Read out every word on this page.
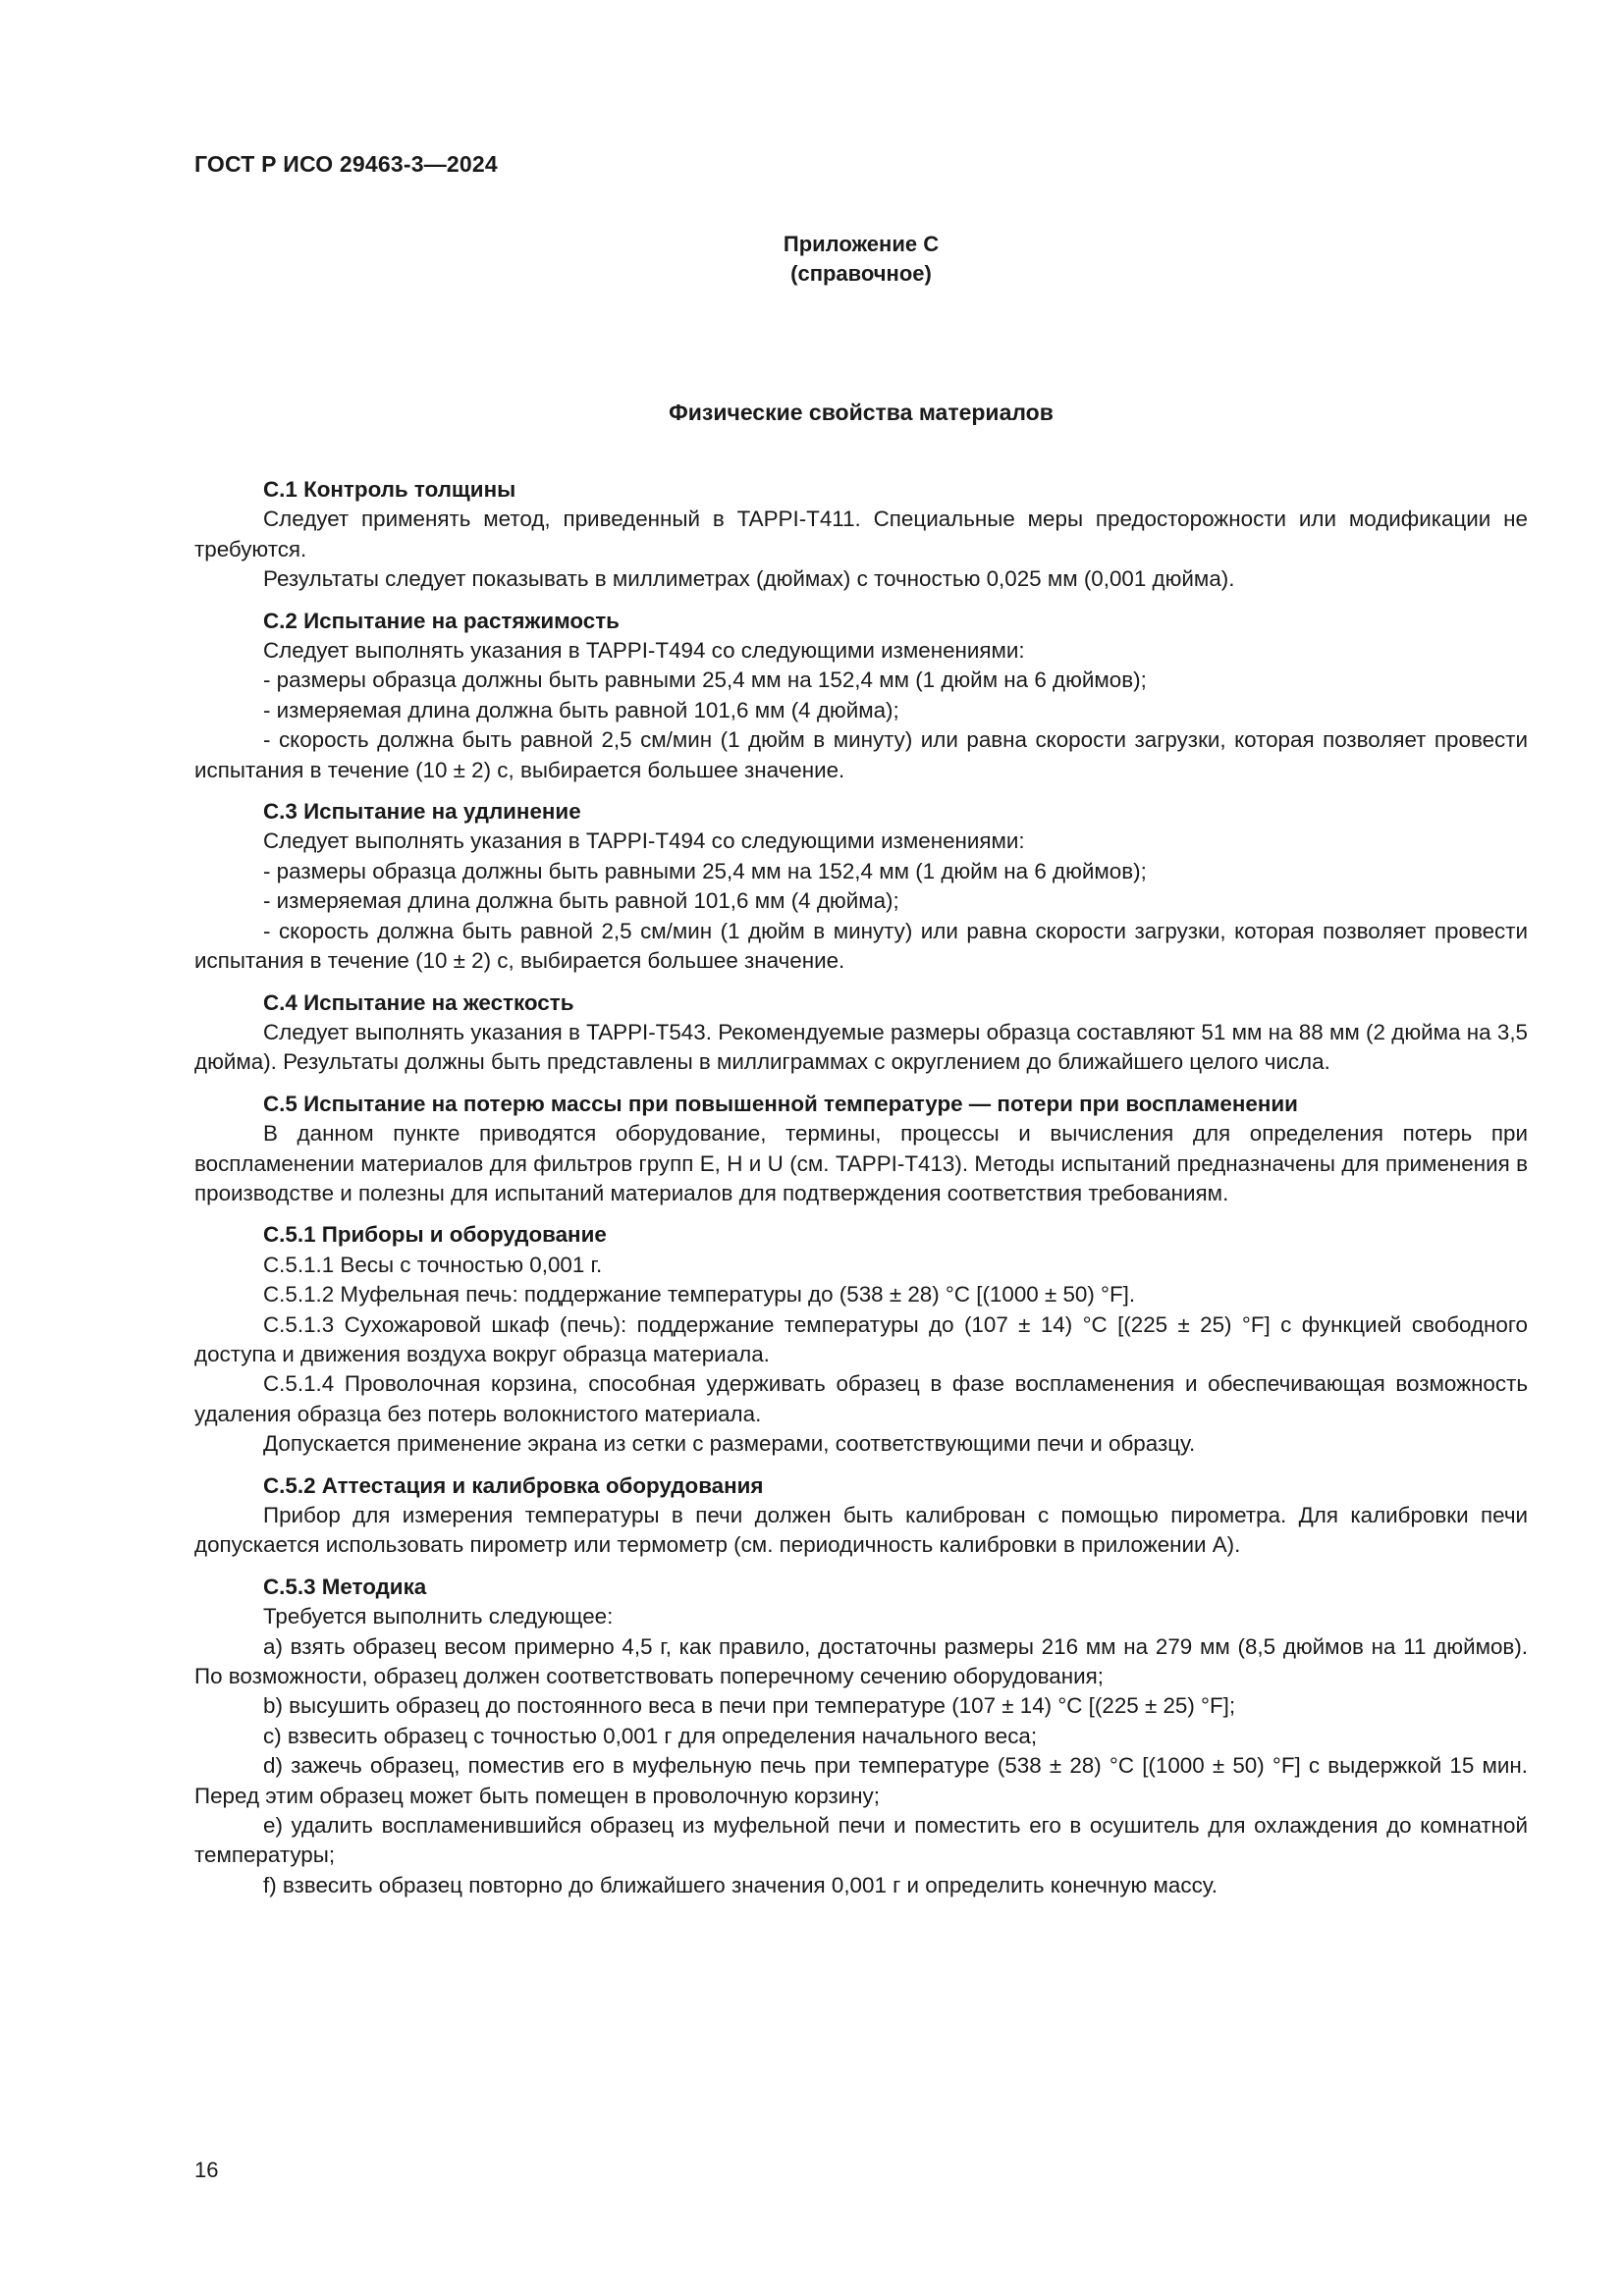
ГОСТ Р ИСО 29463-3—2024
Приложение С
(справочное)
Физические свойства материалов
С.1 Контроль толщины

Следует применять метод, приведенный в TAPPI-T411. Специальные меры предосторожности или модификации не требуются.

Результаты следует показывать в миллиметрах (дюймах) с точностью 0,025 мм (0,001 дюйма).

С.2 Испытание на растяжимость

Следует выполнять указания в TAPPI-T494 со следующими изменениями:

- размеры образца должны быть равными 25,4 мм на 152,4 мм (1 дюйм на 6 дюймов);

- измеряемая длина должна быть равной 101,6 мм (4 дюйма);

- скорость должна быть равной 2,5 см/мин (1 дюйм в минуту) или равна скорости загрузки, которая позволяет провести испытания в течение (10 ± 2) с, выбирается большее значение.

С.3 Испытание на удлинение

Следует выполнять указания в TAPPI-T494 со следующими изменениями:

- размеры образца должны быть равными 25,4 мм на 152,4 мм (1 дюйм на 6 дюймов);

- измеряемая длина должна быть равной 101,6 мм (4 дюйма);

- скорость должна быть равной 2,5 см/мин (1 дюйм в минуту) или равна скорости загрузки, которая позволяет провести испытания в течение (10 ± 2) с, выбирается большее значение.

С.4 Испытание на жесткость

Следует выполнять указания в TAPPI-T543. Рекомендуемые размеры образца составляют 51 мм на 88 мм (2 дюйма на 3,5 дюйма). Результаты должны быть представлены в миллиграммах с округлением до ближайшего целого числа.

С.5 Испытание на потерю массы при повышенной температуре — потери при воспламенении

В данном пункте приводятся оборудование, термины, процессы и вычисления для определения потерь при воспламенении материалов для фильтров групп Е, Н и U (см. TAPPI-T413). Методы испытаний предназначены для применения в производстве и полезны для испытаний материалов для подтверждения соответствия требованиям.

С.5.1 Приборы и оборудование

С.5.1.1 Весы с точностью 0,001 г.

С.5.1.2 Муфельная печь: поддержание температуры до (538 ± 28) °С [(1000 ± 50) °F].

С.5.1.3 Сухожаровой шкаф (печь): поддержание температуры до (107 ± 14) °С [(225 ± 25) °F] с функцией свободного доступа и движения воздуха вокруг образца материала.

С.5.1.4 Проволочная корзина, способная удерживать образец в фазе воспламенения и обеспечивающая возможность удаления образца без потерь волокнистого материала.

Допускается применение экрана из сетки с размерами, соответствующими печи и образцу.

С.5.2 Аттестация и калибровка оборудования

Прибор для измерения температуры в печи должен быть калиброван с помощью пирометра. Для калибровки печи допускается использовать пирометр или термометр (см. периодичность калибровки в приложении А).

С.5.3 Методика

Требуется выполнить следующее:

a) взять образец весом примерно 4,5 г, как правило, достаточны размеры 216 мм на 279 мм (8,5 дюймов на 11 дюймов). По возможности, образец должен соответствовать поперечному сечению оборудования;

b) высушить образец до постоянного веса в печи при температуре (107 ± 14) °С [(225 ± 25) °F];

c) взвесить образец с точностью 0,001 г для определения начального веса;

d) зажечь образец, поместив его в муфельную печь при температуре (538 ± 28) °С [(1000 ± 50) °F] с выдержкой 15 мин. Перед этим образец может быть помещен в проволочную корзину;

e) удалить воспламенившийся образец из муфельной печи и поместить его в осушитель для охлаждения до комнатной температуры;

f) взвесить образец повторно до ближайшего значения 0,001 г и определить конечную массу.

16
